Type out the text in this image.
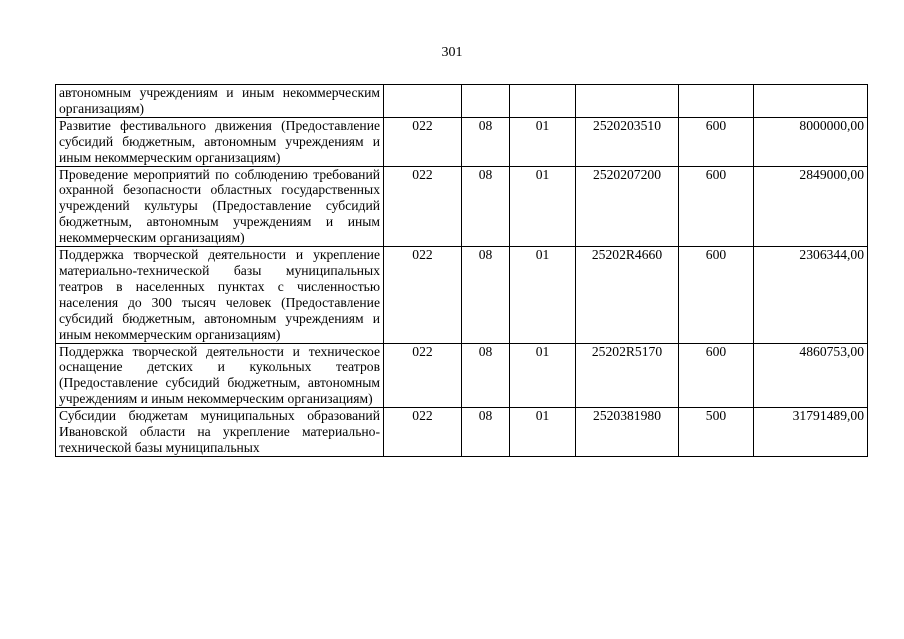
301
автономным учреждениям и иным некоммерческим организациям)						
Развитие фестивального движения (Предоставление субсидий бюджетным, автономным учреждениям и иным некоммерческим организациям)	022	08	01	2520203510	600	8000000,00
Проведение мероприятий по соблюдению требований охранной безопасности областных государственных учреждений культуры (Предоставление субсидий бюджетным, автономным учреждениям и иным некоммерческим организациям)	022	08	01	2520207200	600	2849000,00
Поддержка творческой деятельности и укрепление материально-технической базы муниципальных театров в населенных пунктах с численностью населения до 300 тысяч человек (Предоставление субсидий бюджетным, автономным учреждениям и иным некоммерческим организациям)	022	08	01	25202R4660	600	2306344,00
Поддержка творческой деятельности и техническое оснащение детских и кукольных театров (Предоставление субсидий бюджетным, автономным учреждениям и иным некоммерческим организациям)	022	08	01	25202R5170	600	4860753,00
Субсидии бюджетам муниципальных образований Ивановской области на укрепление материально-технической базы муниципальных	022	08	01	2520381980	500	31791489,00
